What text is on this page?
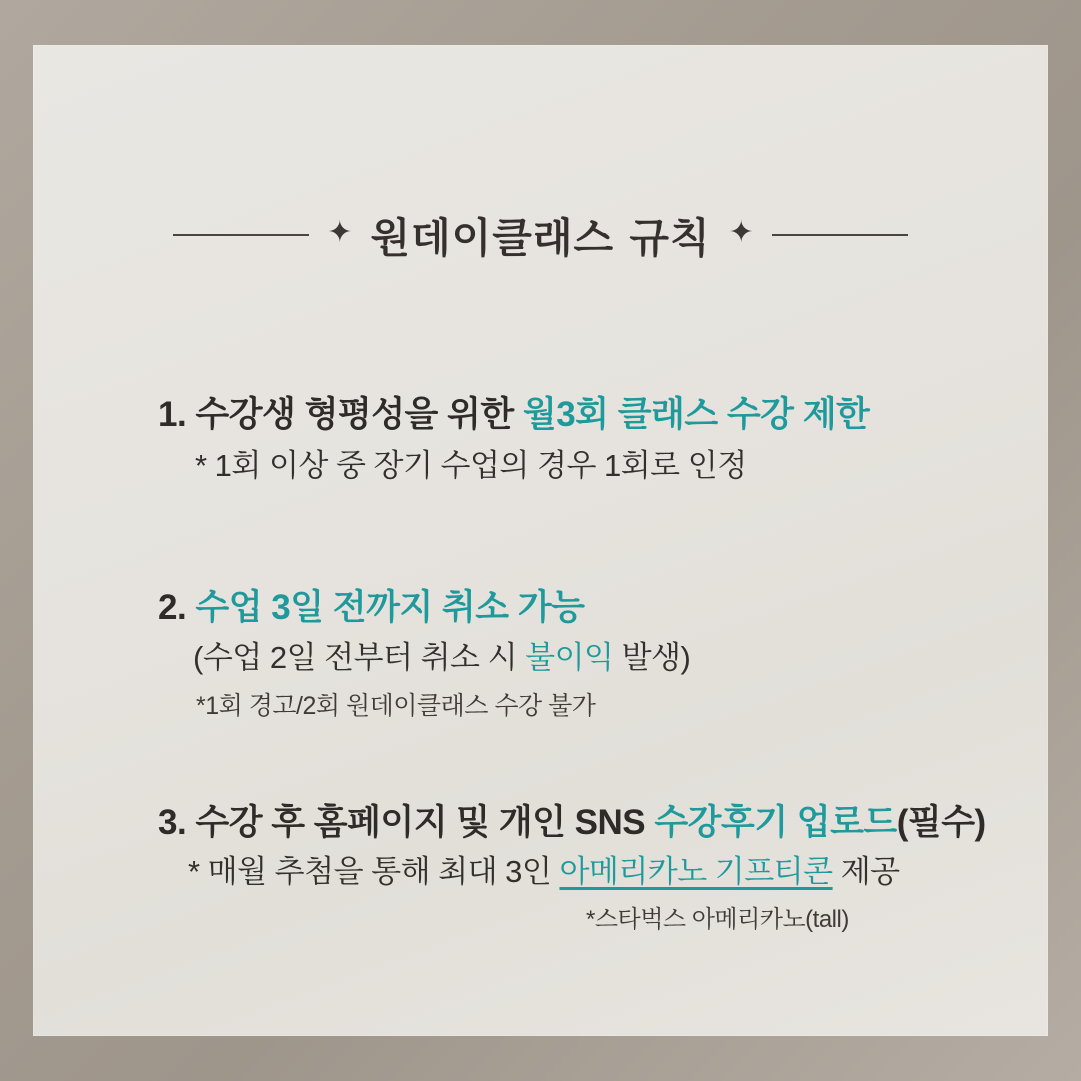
✦ 원데이클래스 규칙 ✦
1. 수강생 형평성을 위한 월3회 클래스 수강 제한
* 1회 이상 중 장기 수업의 경우 1회로 인정
2. 수업 3일 전까지 취소 가능
(수업 2일 전부터 취소 시 불이익 발생)
*1회 경고/2회 원데이클래스 수강 불가
3. 수강 후 홈페이지 및 개인 SNS 수강후기 업로드(필수)
* 매월 추첨을 통해 최대 3인 아메리카노 기프티콘 제공
*스타벅스 아메리카노(tall)
